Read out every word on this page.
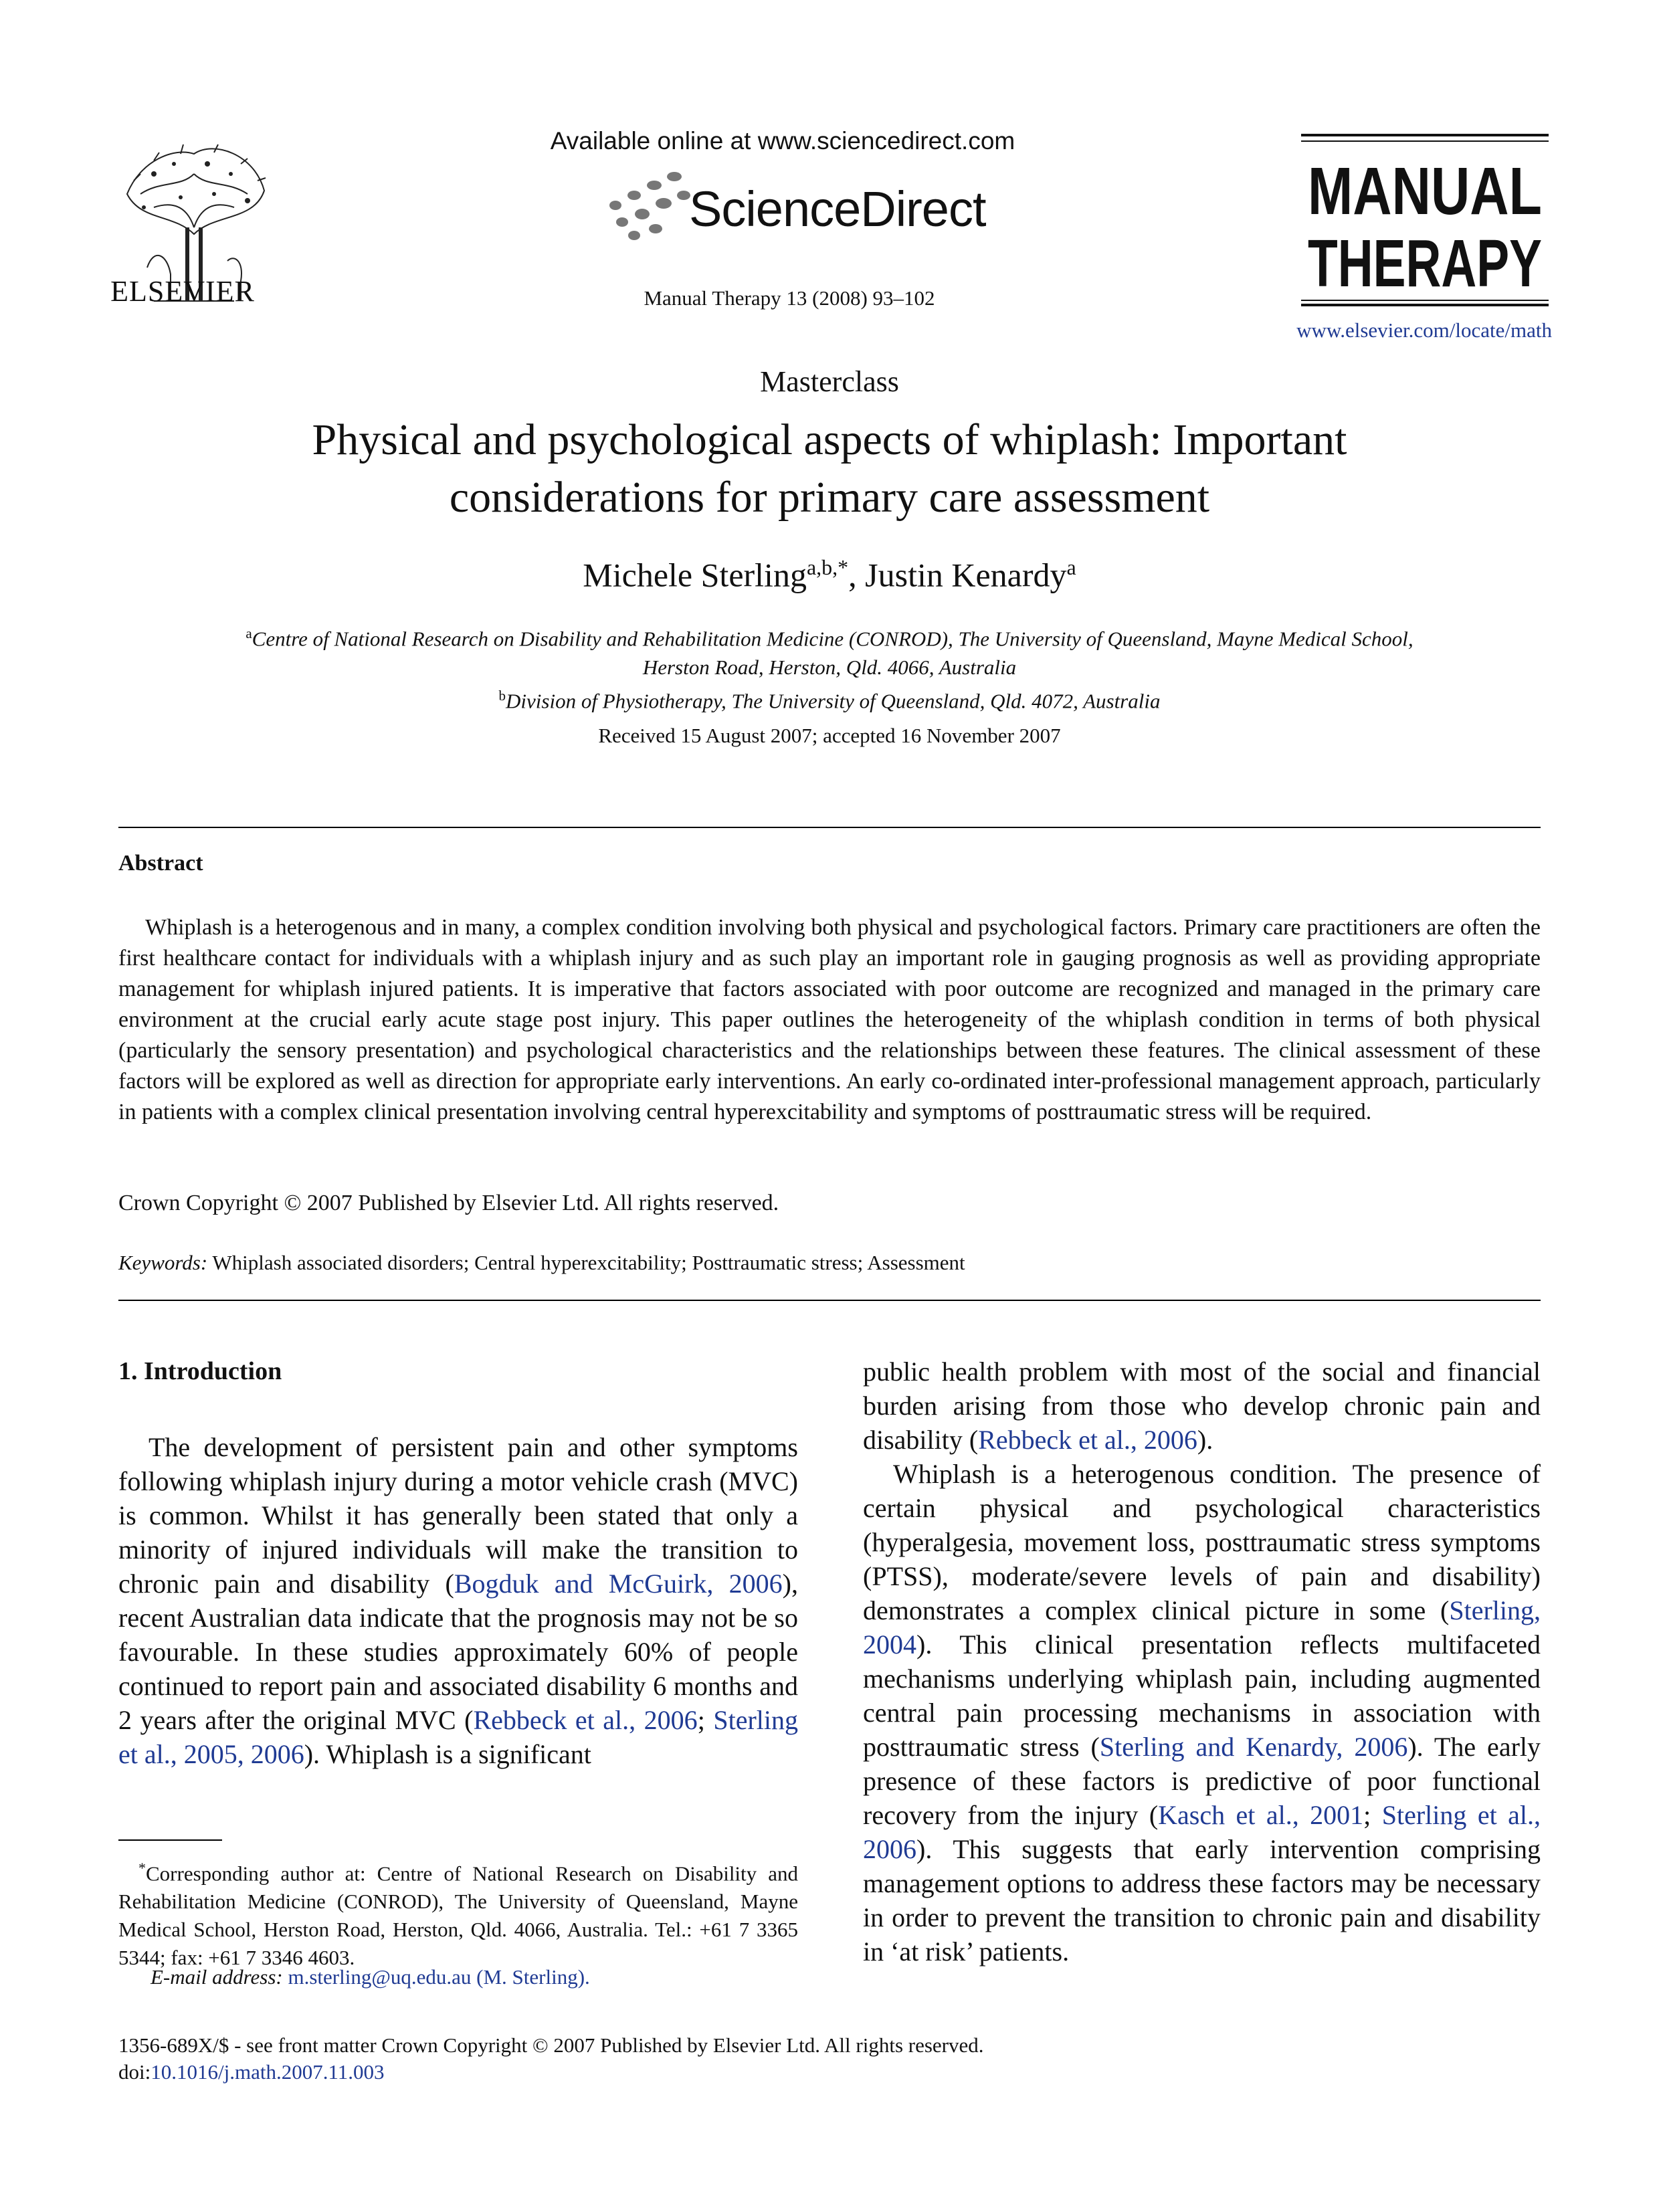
ELSEVIER
Available online at www.sciencedirect.com
ScienceDirect
Manual Therapy 13 (2008) 93–102
MANUAL
THERAPY
www.elsevier.com/locate/math
Masterclass
Physical and psychological aspects of whiplash: Important
considerations for primary care assessment
Michele Sterling$^{a,b,*}$, Justin Kenardy$^a$
$^a$Centre of National Research on Disability and Rehabilitation Medicine (CONROD), The University of Queensland, Mayne Medical School,
Herston Road, Herston, Qld. 4066, Australia
$^b$Division of Physiotherapy, The University of Queensland, Qld. 4072, Australia
Received 15 August 2007; accepted 16 November 2007
Abstract
Whiplash is a heterogenous and in many, a complex condition involving both physical and psychological factors. Primary care practitioners are often the first healthcare contact for individuals with a whiplash injury and as such play an important role in gauging prognosis as well as providing appropriate management for whiplash injured patients. It is imperative that factors associated with poor outcome are recognized and managed in the primary care environment at the crucial early acute stage post injury. This paper outlines the heterogeneity of the whiplash condition in terms of both physical (particularly the sensory presentation) and psychological characteristics and the relationships between these features. The clinical assessment of these factors will be explored as well as direction for appropriate early interventions. An early co-ordinated inter-professional management approach, particularly in patients with a complex clinical presentation involving central hyperexcitability and symptoms of posttraumatic stress will be required.
Crown Copyright © 2007 Published by Elsevier Ltd. All rights reserved.
Keywords: Whiplash associated disorders; Central hyperexcitability; Posttraumatic stress; Assessment
1. Introduction
The development of persistent pain and other symptoms following whiplash injury during a motor vehicle crash (MVC) is common. Whilst it has generally been stated that only a minority of injured individuals will make the transition to chronic pain and disability (Bogduk and McGuirk, 2006), recent Australian data indicate that the prognosis may not be so favourable. In these studies approximately 60% of people continued to report pain and associated disability 6 months and 2 years after the original MVC (Rebbeck et al., 2006; Sterling et al., 2005, 2006). Whiplash is a significant

public health problem with most of the social and financial burden arising from those who develop chronic pain and disability (Rebbeck et al., 2006).

Whiplash is a heterogenous condition. The presence of certain physical and psychological characteristics (hyperalgesia, movement loss, posttraumatic stress symptoms (PTSS), moderate/severe levels of pain and disability) demonstrates a complex clinical picture in some (Sterling, 2004). This clinical presentation reflects multifaceted mechanisms underlying whiplash pain, including augmented central pain processing mechanisms in association with posttraumatic stress (Sterling and Kenardy, 2006). The early presence of these factors is predictive of poor functional recovery from the injury (Kasch et al., 2001; Sterling et al., 2006). This suggests that early intervention comprising management options to address these factors may be necessary in order to prevent the transition to chronic pain and disability in ‘at risk’ patients.

*Corresponding author at: Centre of National Research on Disability and Rehabilitation Medicine (CONROD), The University of Queensland, Mayne Medical School, Herston Road, Herston, Qld. 4066, Australia. Tel.: +61 7 3365 5344; fax: +61 7 3346 4603.
E-mail address: m.sterling@uq.edu.au (M. Sterling).
1356-689X/$ - see front matter Crown Copyright © 2007 Published by Elsevier Ltd. All rights reserved.
doi:10.1016/j.math.2007.11.003
